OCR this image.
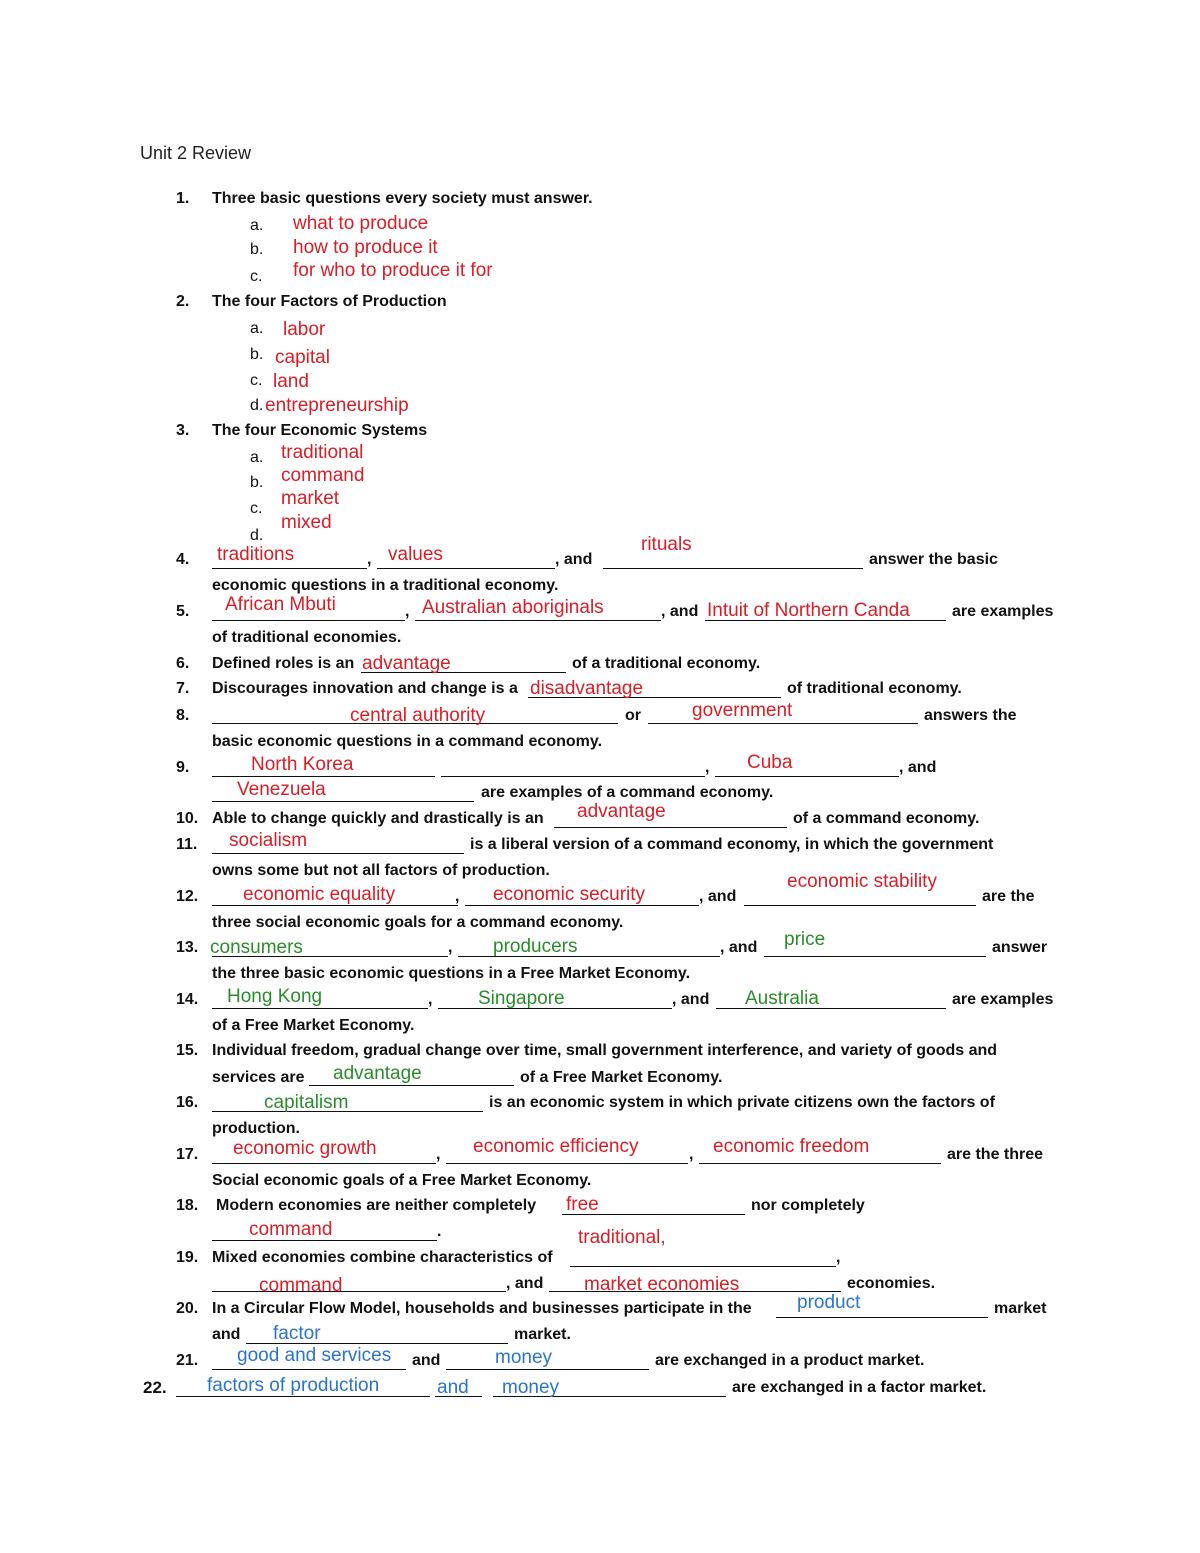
Unit 2 Review
1. Three basic questions every society must answer.
a. what to produce
b. how to produce it
c. for who to produce it for
2. The four Factors of Production
a. labor
b. capital
c. land
d. entrepreneurship
3. The four Economic Systems
a. traditional
b. command
c. market
d.
mixed
4. traditions	, values	, and
rituals
answer the basic
economic questions in a traditional economy.
5. African Mbuti	, Australian aboriginals	, and Intuit of Northern Canda	are examples
of traditional economies.
6. Defined roles is an advantage	of a traditional economy.
7. Discourages innovation and change is a disadvantage	of traditional economy.
8.	central authority	or	government	answers the
basic economic questions in a command economy.
9.	North Korea	, Cuba	, and
Venezuela	are examples of a command economy.
10. Able to change quickly and drastically is an advantage	of a command economy.
11. socialism	is a liberal version of a command economy, in which the government
owns some but not all factors of production.
12. economic equality	, economic security	, and
economic stability
are the
three social economic goals for a command economy.
13. consumers	, producers	, and price	answer
the three basic economic questions in a Free Market Economy.
14. Hong Kong	, Singapore	, and Australia	are examples
of a Free Market Economy.
15. Individual freedom, gradual change over time, small government interference, and variety of goods and
services are advantage	of a Free Market Economy.
16.	capitalism	is an economic system in which private citizens own the factors of
production.
17. economic growth	, economic efficiency	, economic freedom	are the three
Social economic goals of a Free Market Economy.
18. Modern economies are neither completely free	nor completely
command	.
19. Mixed economies combine characteristics of
traditional,
,
command	, and market economies	economies.
20. In a Circular Flow Model, households and businesses participate in the product	market
and factor	market.
21. good and services and	money	are exchanged in a product market.
22. factors of production	and money	are exchanged in a factor market.
